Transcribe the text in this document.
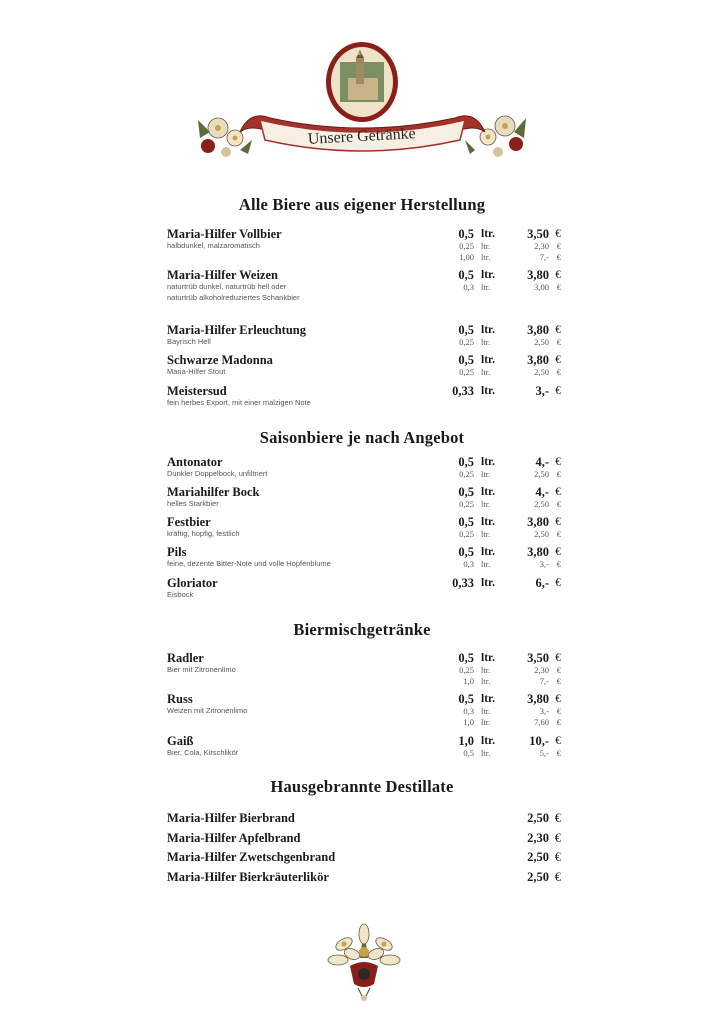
Kössel-Bräu
Maria-Hilf
Unsere Getränke
Alle Biere aus eigener Herstellung
Maria-Hilfer Vollbier
halbdunkel, malzaromatisch
0,5 ltr.	3,50 €
0,25 ltr.	2,30 €
1,00 ltr.	7,- €
Maria-Hilfer Weizen
naturtrüb dunkel, naturtrüb hell oder
naturtrüb alkoholreduziertes Schankbier
0,5 ltr.	3,80 €
0,3 ltr.	3,00 €
Maria-Hilfer Erleuchtung
Bayrisch Hell
0,5 ltr.	3,80 €
0,25 ltr.	2,50 €
Schwarze Madonna
Maria-Hilfer Stout
0,5 ltr.	3,80 €
0,25 ltr.	2,50 €
Meistersud
fein herbes Export, mit einer malzigen Note
0,33 ltr.	3,- €
Saisonbiere je nach Angebot
Antonator
Dunkler Doppelbock, unfiltriert
0,5 ltr.	4,- €
0,25 ltr.	2,50 €
Mariahilfer Bock
helles Starkbier
0,5 ltr.	4,- €
0,25 ltr.	2,50 €
Festbier
kräftig, hopfig, festlich
0,5 ltr.	3,80 €
0,25 ltr.	2,50 €
Pils
feine, dezente Bitter-Note und volle Hopfenblume
0,5 ltr.	3,80 €
0,3 ltr.	3,- €
Gloriator
Eisbock
0,33 ltr.	6,- €
Biermischgetränke
Radler
Bier mit Zitronenlimo
0,5 ltr.	3,50 €
0,25 ltr.	2,30 €
1,0 ltr.	7,- €
Russ
Weizen mit Zitronenlimo
0,5 ltr.	3,80 €
0,3 ltr.	3,- €
1,0 ltr.	7,60 €
Gaiß
Bier, Cola, Kirschlikör
1,0 ltr.	10,- €
0,5 ltr.	5,- €
Hausgebrannte Destillate
Maria-Hilfer Bierbrand	2,50 €
Maria-Hilfer Apfelbrand	2,30 €
Maria-Hilfer Zwetschgenbrand	2,50 €
Maria-Hilfer Bierkräuterlikör	2,50 €
